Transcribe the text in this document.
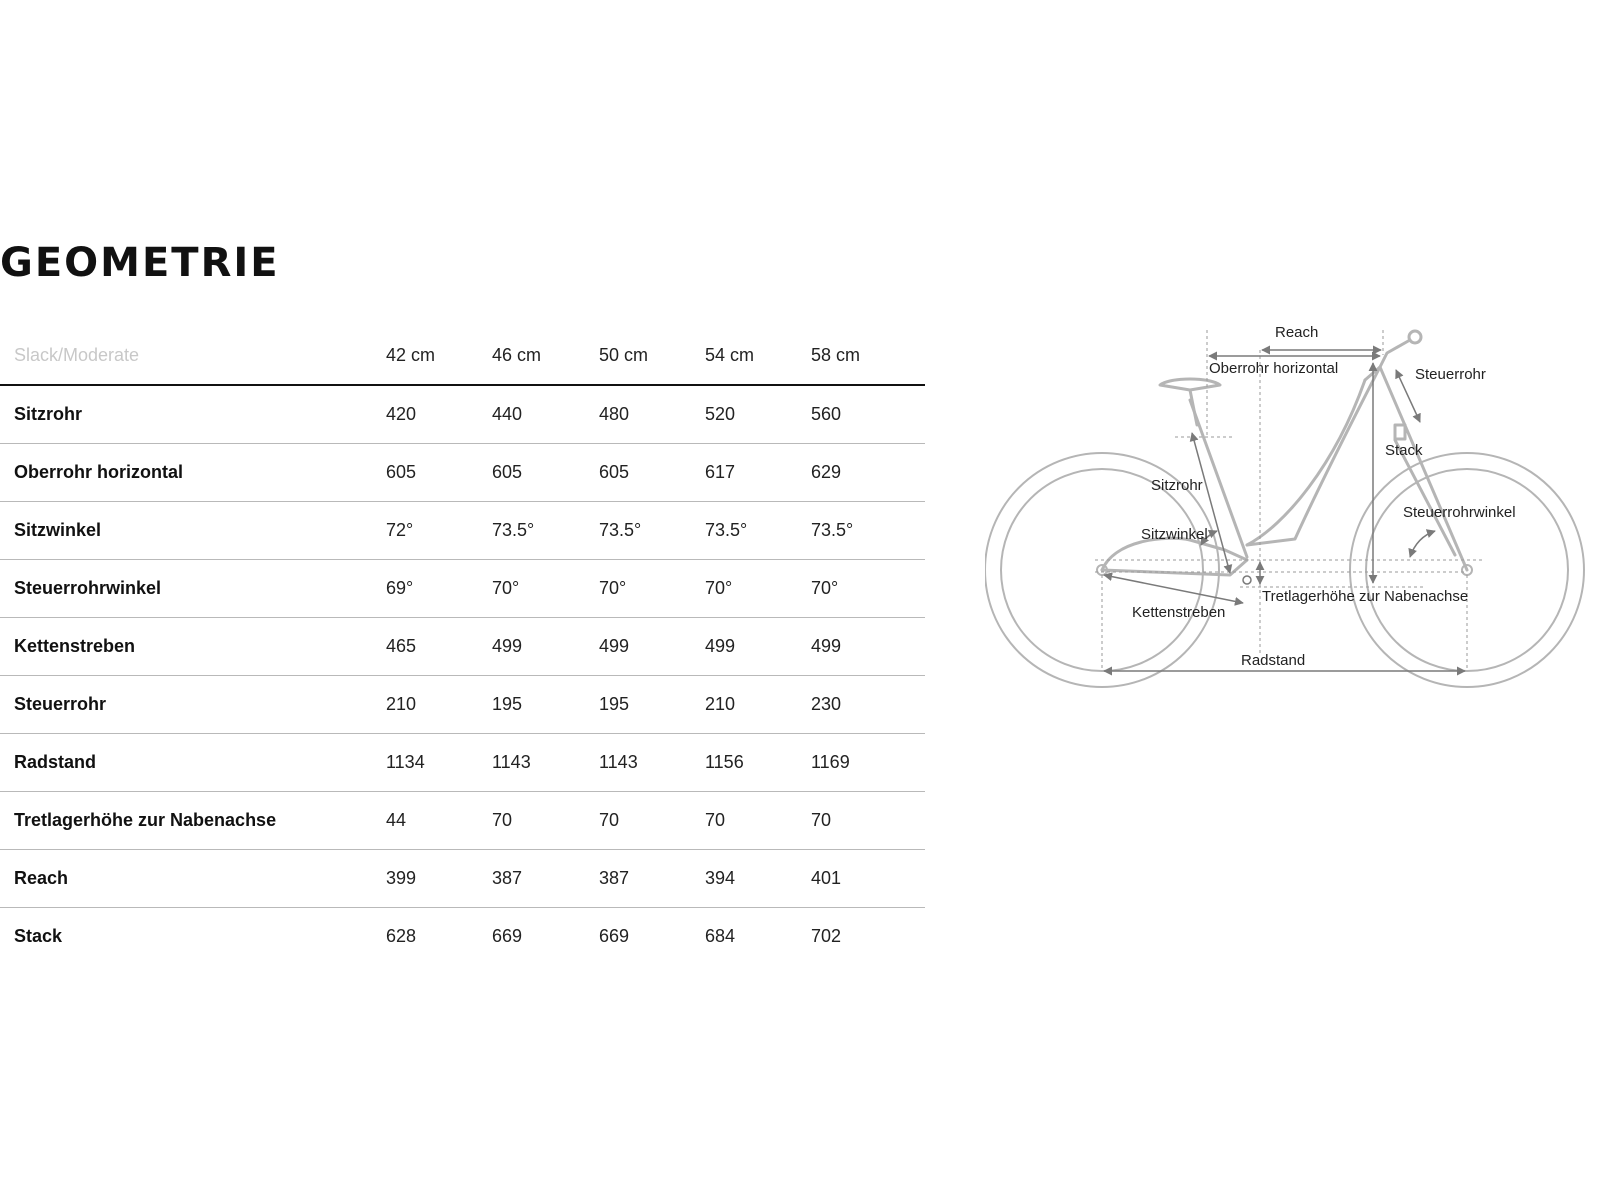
GEOMETRIE
Slack/Moderate	42 cm	46 cm	50 cm	54 cm	58 cm
Sitzrohr	420	440	480	520	560
Oberrohr horizontal	605	605	605	617	629
Sitzwinkel	72°	73.5°	73.5°	73.5°	73.5°
Steuerrohrwinkel	69°	70°	70°	70°	70°
Kettenstreben	465	499	499	499	499
Steuerrohr	210	195	195	210	230
Radstand	1134	1143	1143	1156	1169
Tretlagerhöhe zur Nabenachse	44	70	70	70	70
Reach	399	387	387	394	401
Stack	628	669	669	684	702
Reach
Oberrohr horizontal	Steuerrohr
Stack
Sitzrohr
Sitzwinkel
Steuerrohrwinkel
Kettenstreben
Tretlagerhöhe zur Nabenachse
Radstand
